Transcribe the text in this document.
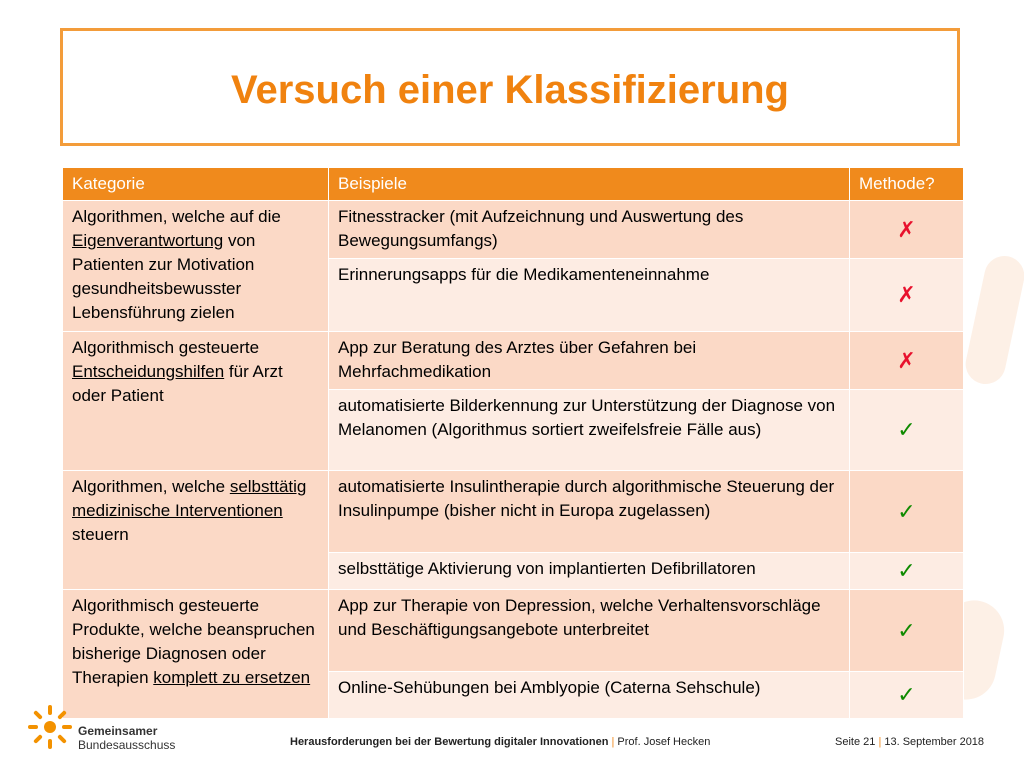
Versuch einer Klassifizierung
Kategorie	Beispiele	Methode?
Algorithmen, welche auf die Eigenverantwortung von Patienten zur Motivation gesundheitsbewusster Lebensführung zielen	Fitnesstracker (mit Aufzeichnung und Auswertung des Bewegungsumfangs)	✗
	Erinnerungsapps für die Medikamenteneinnahme	✗
Algorithmisch gesteuerte Entscheidungshilfen für Arzt oder Patient	App zur Beratung des Arztes über Gefahren bei Mehrfachmedikation	✗
	automatisierte Bilderkennung zur Unterstützung der Diagnose von Melanomen (Algorithmus sortiert zweifelsfreie Fälle aus)	✓
Algorithmen, welche selbsttätig medizinische Interventionen steuern	automatisierte Insulintherapie durch algorithmische Steuerung der Insulinpumpe (bisher nicht in Europa zugelassen)	✓
	selbsttätige Aktivierung von implantierten Defibrillatoren	✓
Algorithmisch gesteuerte Produkte, welche beanspruchen bisherige Diagnosen oder Therapien komplett zu ersetzen	App zur Therapie von Depression, welche Verhaltensvorschläge und Beschäftigungsangebote unterbreitet	✓
	Online-Sehübungen bei Amblyopie (Caterna Sehschule)	✓
Gemeinsamer
Bundesausschuss	Herausforderungen bei der Bewertung digitaler Innovationen | Prof. Josef Hecken	Seite 21 | 13. September 2018
